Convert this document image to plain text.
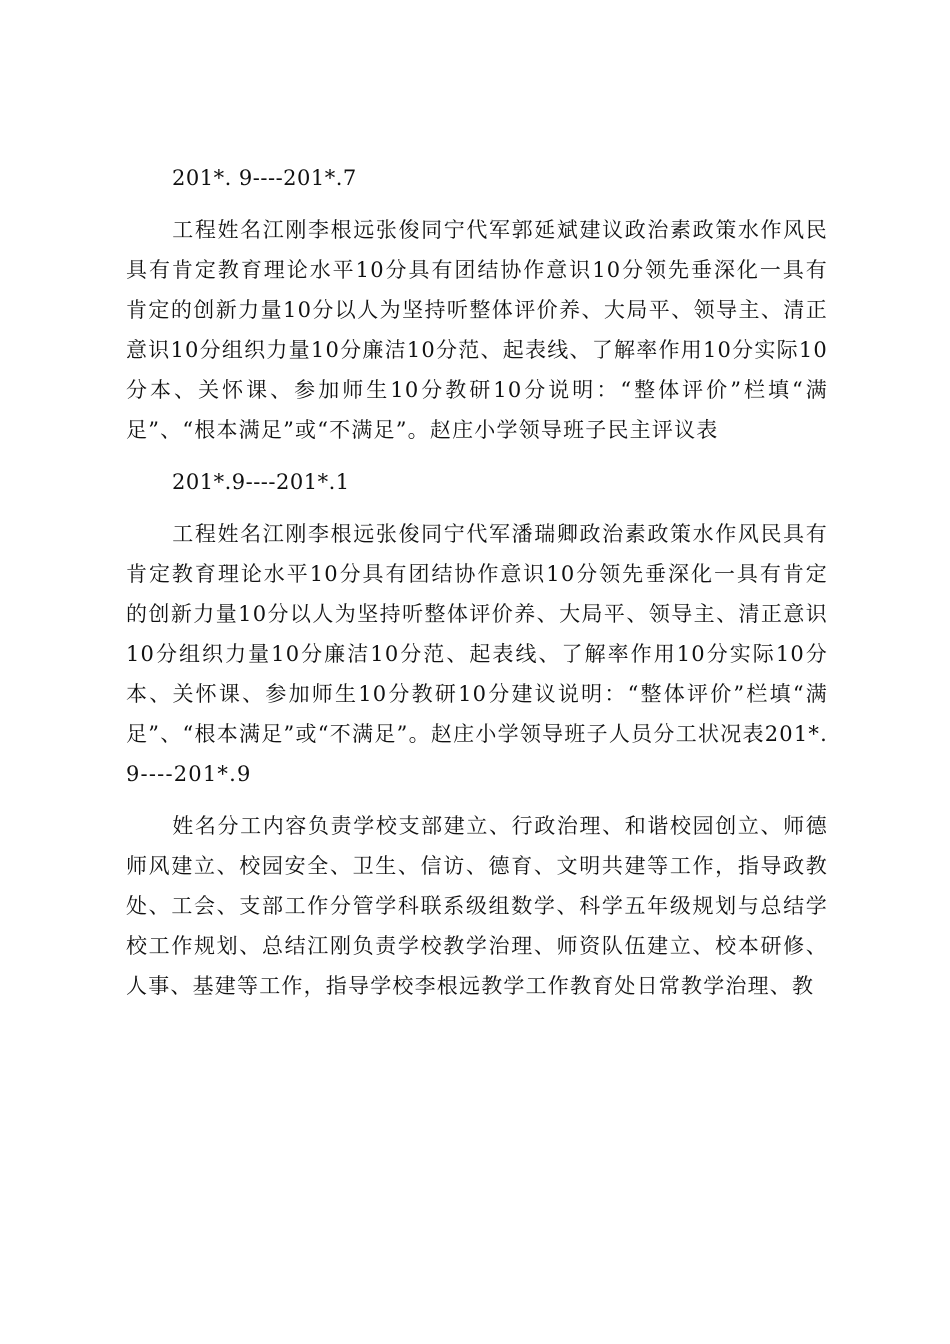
201*. 9----201*.7

工程姓名江刚李根远张俊同宁代军郭延斌建议政治素政策水作风民具有肯定教育理论水平10分具有团结协作意识10分领先垂深化一具有肯定的创新力量10分以人为坚持听整体评价养、大局平、领导主、清正意识10分组织力量10分廉洁10分范、起表线、了解率作用10分实际10分本、关怀课、参加师生10分教研10分说明：“整体评价”栏填“满足”、“根本满足”或“不满足”。赵庄小学领导班子民主评议表

201*.9----201*.1

工程姓名江刚李根远张俊同宁代军潘瑞卿政治素政策水作风民具有肯定教育理论水平10分具有团结协作意识10分领先垂深化一具有肯定的创新力量10分以人为坚持听整体评价养、大局平、领导主、清正意识10分组织力量10分廉洁10分范、起表线、了解率作用10分实际10分本、关怀课、参加师生10分教研10分建议说明：“整体评价”栏填“满足”、“根本满足”或“不满足”。赵庄小学领导班子人员分工状况表201*.9----201*.9

姓名分工内容负责学校支部建立、行政治理、和谐校园创立、师德师风建立、校园安全、卫生、信访、德育、文明共建等工作，指导政教处、工会、支部工作分管学科联系级组数学、科学五年级规划与总结学校工作规划、总结江刚负责学校教学治理、师资队伍建立、校本研修、人事、基建等工作，指导学校李根远教学工作教育处日常教学治理、教
